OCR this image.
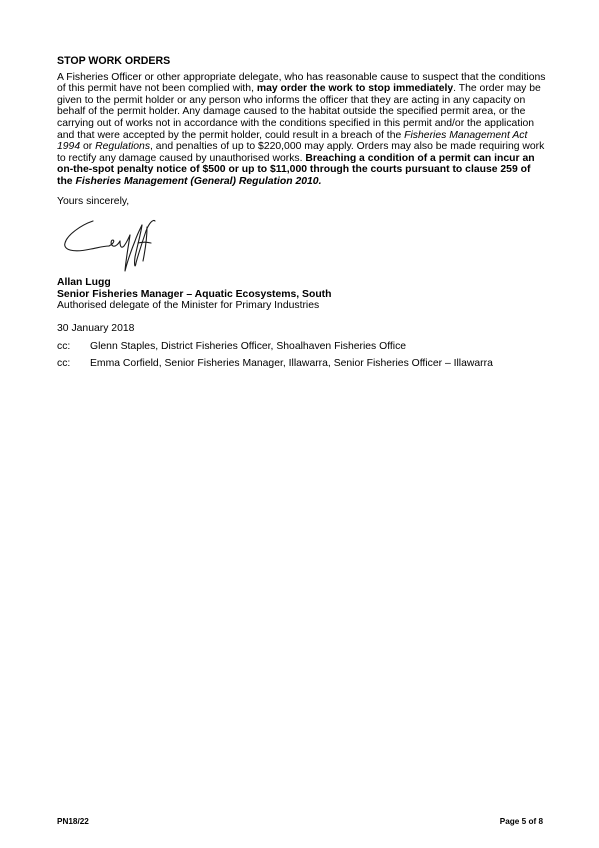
STOP WORK ORDERS

A Fisheries Officer or other appropriate delegate, who has reasonable cause to suspect that the conditions of this permit have not been complied with, may order the work to stop immediately. The order may be given to the permit holder or any person who informs the officer that they are acting in any capacity on behalf of the permit holder. Any damage caused to the habitat outside the specified permit area, or the carrying out of works not in accordance with the conditions specified in this permit and/or the application and that were accepted by the permit holder, could result in a breach of the Fisheries Management Act 1994 or Regulations, and penalties of up to $220,000 may apply. Orders may also be made requiring work to rectify any damage caused by unauthorised works. Breaching a condition of a permit can incur an on-the-spot penalty notice of $500 or up to $11,000 through the courts pursuant to clause 259 of the Fisheries Management (General) Regulation 2010.

Yours sincerely,

Allan Lugg
Senior Fisheries Manager – Aquatic Ecosystems, South
Authorised delegate of the Minister for Primary Industries
30 January 2018
cc:	Glenn Staples, District Fisheries Officer, Shoalhaven Fisheries Office
cc:	Emma Corfield, Senior Fisheries Manager, Illawarra, Senior Fisheries Officer – Illawarra
PN18/22	Page 5 of 8
